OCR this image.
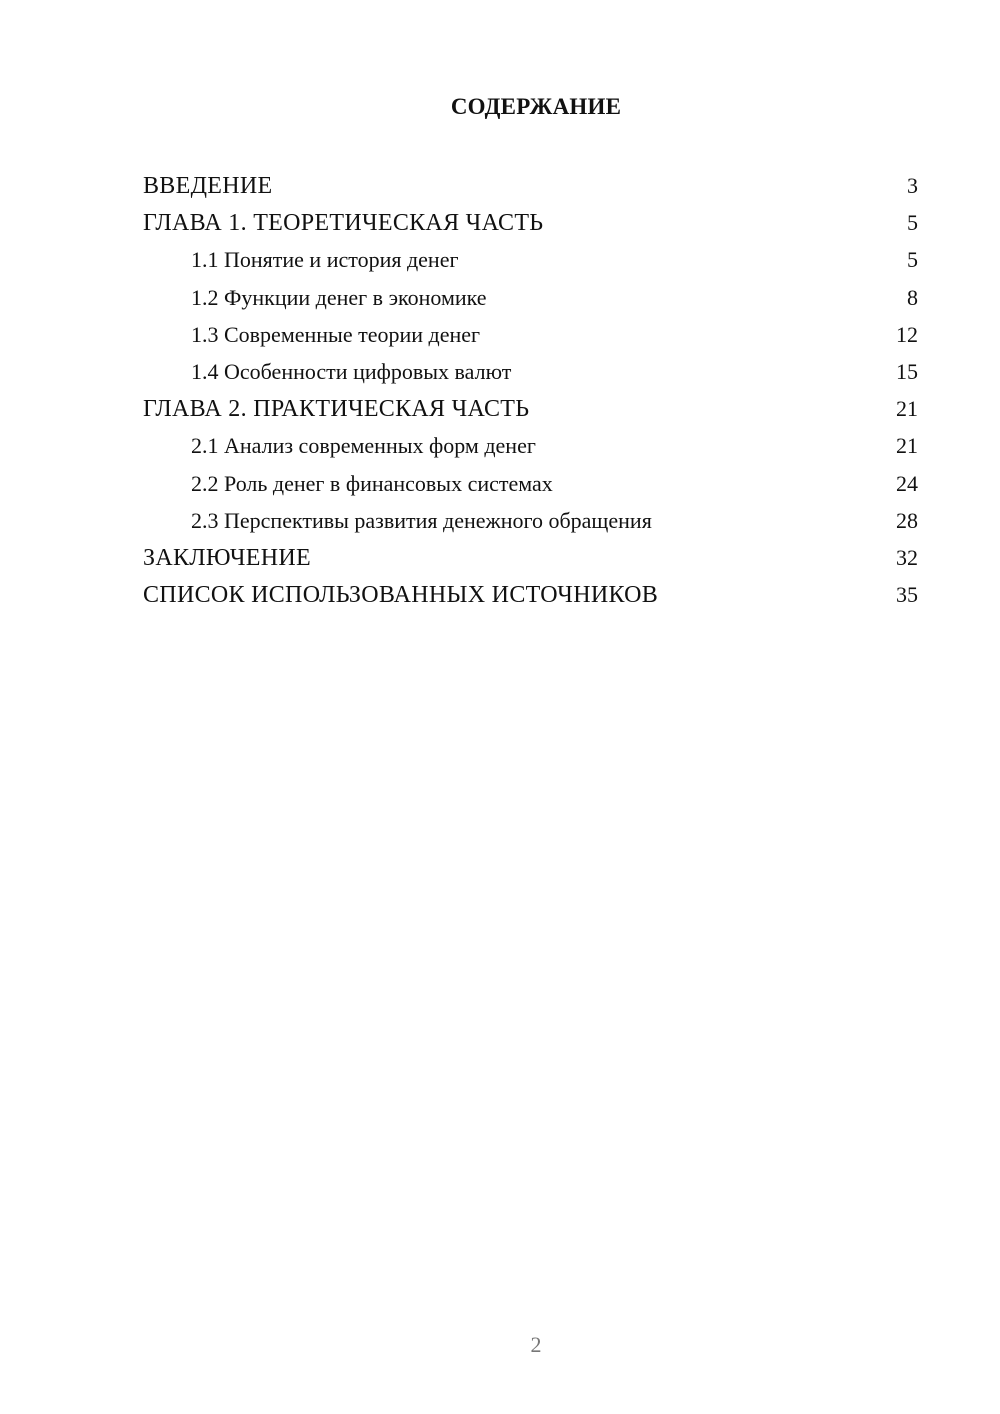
СОДЕРЖАНИЕ
ВВЕДЕНИЕ	3
ГЛАВА 1. ТЕОРЕТИЧЕСКАЯ ЧАСТЬ	5
1.1 Понятие и история денег	5
1.2 Функции денег в экономике	8
1.3 Современные теории денег	12
1.4 Особенности цифровых валют	15
ГЛАВА 2. ПРАКТИЧЕСКАЯ ЧАСТЬ	21
2.1 Анализ современных форм денег	21
2.2 Роль денег в финансовых системах	24
2.3 Перспективы развития денежного обращения	28
ЗАКЛЮЧЕНИЕ	32
СПИСОК ИСПОЛЬЗОВАННЫХ ИСТОЧНИКОВ	35
2
